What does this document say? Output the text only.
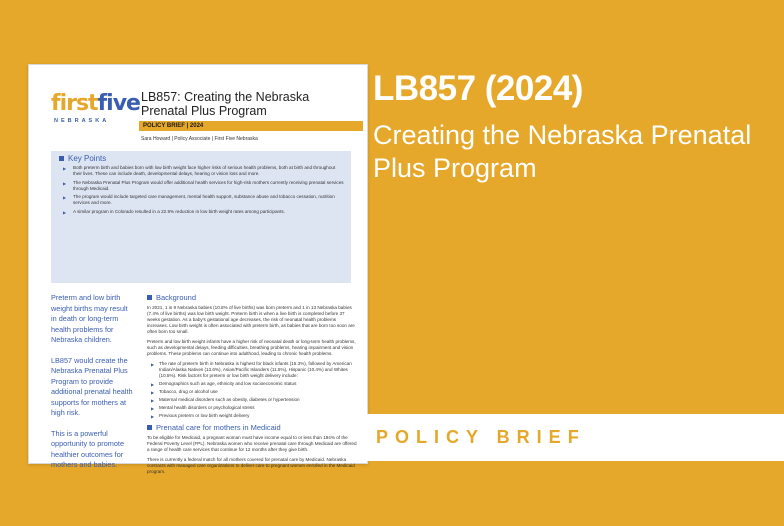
firstfive
NEBRASKA
LB857: Creating the Nebraska Prenatal Plus Program
POLICY BRIEF | 2024
Sara Howard | Policy Associate | First Five Nebraska
Key Points
▶ Both preterm birth and babies born with low birth weight face higher risks of serious health problems, both at birth and throughout their lives. These can include death, developmental delays, hearing or vision loss and more.
▶ The Nebraska Prenatal Plus Program would offer additional health services for high-risk mothers currently receiving prenatal services through Medicaid.
▶ The program would include targeted care management, mental health support, substance abuse and tobacco cessation, nutrition services and more.
▶ A similar program in Colorado resulted in a 22.9% reduction in low birth weight rates among participants.

Preterm and low birth weight births may result in death or long-term health problems for Nebraska children.

LB857 would create the Nebraska Prenatal Plus Program to provide additional prenatal health supports for mothers at high risk.

This is a powerful opportunity to promote healthier outcomes for mothers and babies.

Background

In 2021, 1 in 9 Nebraska babies (10.8% of live births) was born preterm and 1 in 13 Nebraska babies (7.4% of live births) was low birth weight. Preterm birth is when a live birth is completed before 37 weeks gestation. As a baby's gestational age decreases, the risk of neonatal health problems increases. Low birth weight is often associated with preterm birth, as babies that are born too soon are often born too small.

Preterm and low birth weight infants have a higher risk of neonatal death or long-term health problems, such as developmental delays, feeding difficulties, breathing problems, hearing impairment and vision problems. These problems can continue into adulthood, leading to chronic health problems.

▶ The rate of preterm birth in Nebraska is highest for black infants (15.3%), followed by American Indian/Alaska Natives (13.6%), Asian/Pacific Islanders (11.5%), Hispanic (10.4%) and Whites (10.5%). Risk factors for preterm or low birth weight delivery include:
▶ Demographics such as age, ethnicity and low socioeconomic status
▶ Tobacco, drug or alcohol use
▶ Maternal medical disorders such as obesity, diabetes or hypertension
▶ Mental health disorders or psychological stress
▶ Previous preterm or low birth weight delivery
Prenatal care for mothers in Medicaid

To be eligible for Medicaid, a pregnant woman must have income equal to or less than 194% of the Federal Poverty Level (FPL). Nebraska women who receive prenatal care through Medicaid are offered a range of health care services that continue for 12 months after they give birth.

There is currently a federal match for all mothers covered for prenatal care by Medicaid. Nebraska contracts with managed care organizations to deliver care to pregnant women enrolled in the Medicaid program.

LB857 (2024)

Creating the Nebraska Prenatal Plus Program

POLICY BRIEF
